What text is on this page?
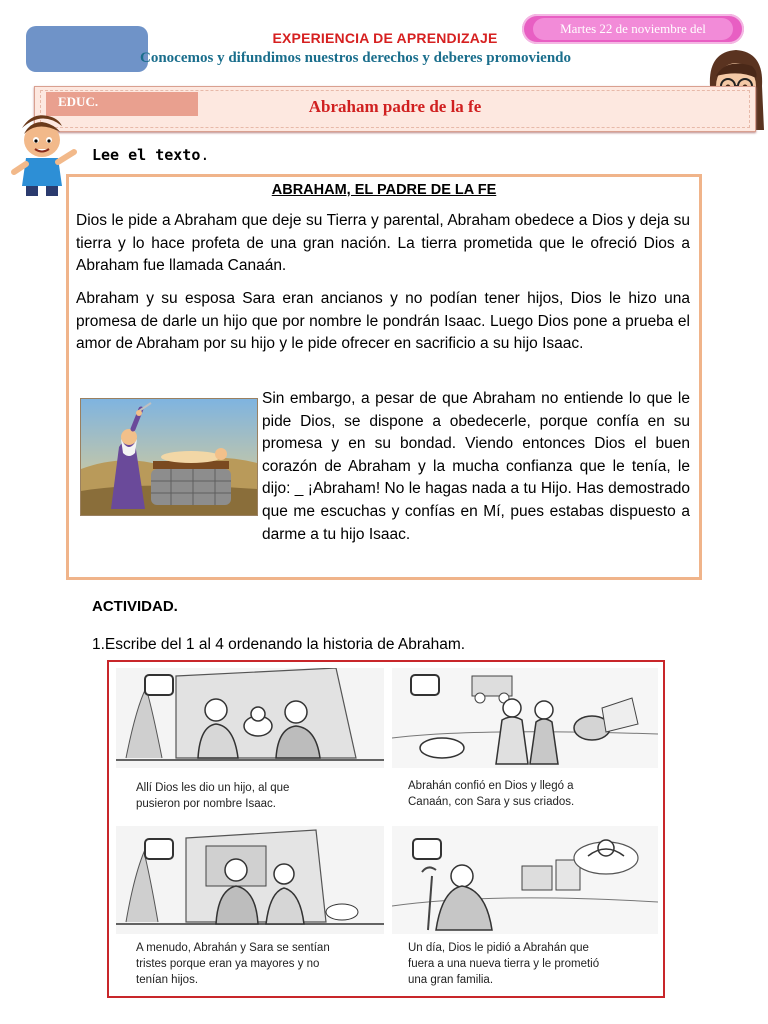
EXPERIENCIA DE APRENDIZAJE
Martes 22 de noviembre del
Conocemos y difundimos nuestros derechos y deberes promoviendo
EDUC.	Abraham padre de la fe
Lee el texto.
ABRAHAM, EL PADRE DE LA FE
Dios le pide a Abraham que deje su Tierra y parental, Abraham obedece a Dios y deja su tierra y lo hace profeta de una gran nación. La tierra prometida que le ofreció Dios a Abraham fue llamada Canaán.
Abraham y su esposa Sara eran ancianos y no podían tener hijos, Dios le hizo una promesa de darle un hijo que por nombre le pondrán Isaac. Luego Dios pone a prueba el amor de Abraham por su hijo y le pide ofrecer en sacrificio a su hijo Isaac.
Sin embargo, a pesar de que Abraham no entiende lo que le pide Dios, se dispone a obedecerle, porque confía en su promesa y en su bondad. Viendo entonces Dios el buen corazón de Abraham y la mucha confianza que le tenía, le dijo: _ ¡Abraham! No le hagas nada a tu Hijo. Has demostrado que me escuchas y confías en Mí, pues estabas dispuesto a darme a tu hijo Isaac.
ACTIVIDAD.
1.Escribe del 1 al 4 ordenando la historia de Abraham.
Allí Dios les dio un hijo, al que
pusieron por nombre Isaac.
Abrahán confió en Dios y llegó a
Canaán, con Sara y sus criados.
A menudo, Abrahán y Sara se sentían
tristes porque eran ya mayores y no
tenían hijos.
Un día, Dios le pidió a Abrahán que
fuera a una nueva tierra y le prometió
una gran familia.
